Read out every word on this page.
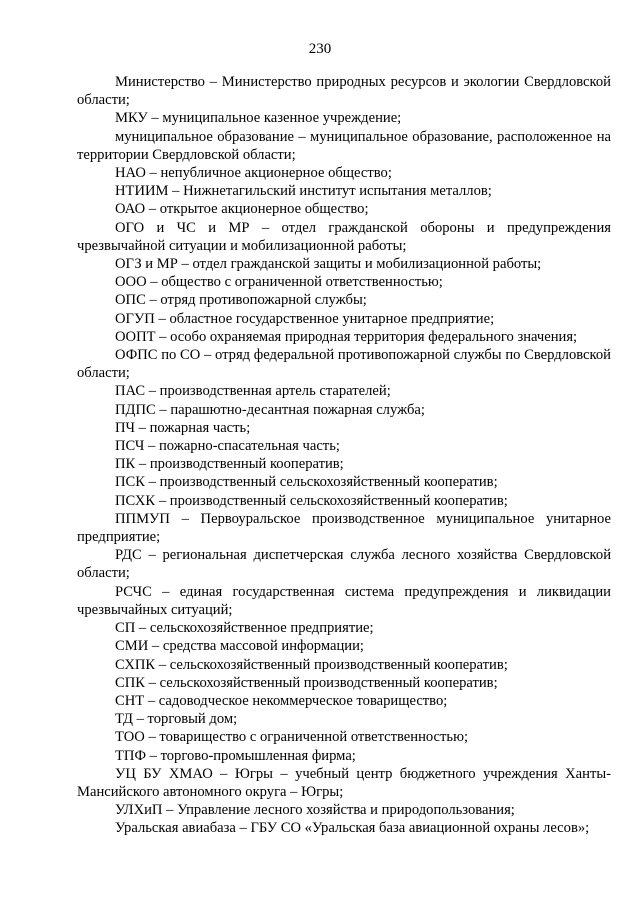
230

Министерство – Министерство природных ресурсов и экологии Свердловской области;

МКУ – муниципальное казенное учреждение;

муниципальное образование – муниципальное образование, расположенное на территории Свердловской области;

НАО – непубличное акционерное общество;

НТИИМ – Нижнетагильский институт испытания металлов;

ОАО – открытое акционерное общество;

ОГО и ЧС и МР – отдел гражданской обороны и предупреждения чрезвычайной ситуации и мобилизационной работы;

ОГЗ и МР – отдел гражданской защиты и мобилизационной работы;

ООО – общество с ограниченной ответственностью;

ОПС – отряд противопожарной службы;

ОГУП – областное государственное унитарное предприятие;

ООПТ – особо охраняемая природная территория федерального значения;

ОФПС по СО – отряд федеральной противопожарной службы по Свердловской области;

ПАС – производственная артель старателей;

ПДПС – парашютно-десантная пожарная служба;

ПЧ – пожарная часть;

ПСЧ – пожарно-спасательная часть;

ПК – производственный кооператив;

ПСК – производственный сельскохозяйственный кооператив;

ПСХК – производственный сельскохозяйственный кооператив;

ППМУП – Первоуральское производственное муниципальное унитарное предприятие;

РДС – региональная диспетчерская служба лесного хозяйства Свердловской области;

РСЧС – единая государственная система предупреждения и ликвидации чрезвычайных ситуаций;

СП – сельскохозяйственное предприятие;

СМИ – средства массовой информации;

СХПК – сельскохозяйственный производственный кооператив;

СПК – сельскохозяйственный производственный кооператив;

СНТ – садоводческое некоммерческое товарищество;

ТД – торговый дом;

ТОО – товарищество с ограниченной ответственностью;

ТПФ – торгово-промышленная фирма;

УЦ БУ ХМАО – Югры – учебный центр бюджетного учреждения Ханты-Мансийского автономного округа – Югры;

УЛХиП – Управление лесного хозяйства и природопользования;

Уральская авиабаза – ГБУ СО «Уральская база авиационной охраны лесов»;
